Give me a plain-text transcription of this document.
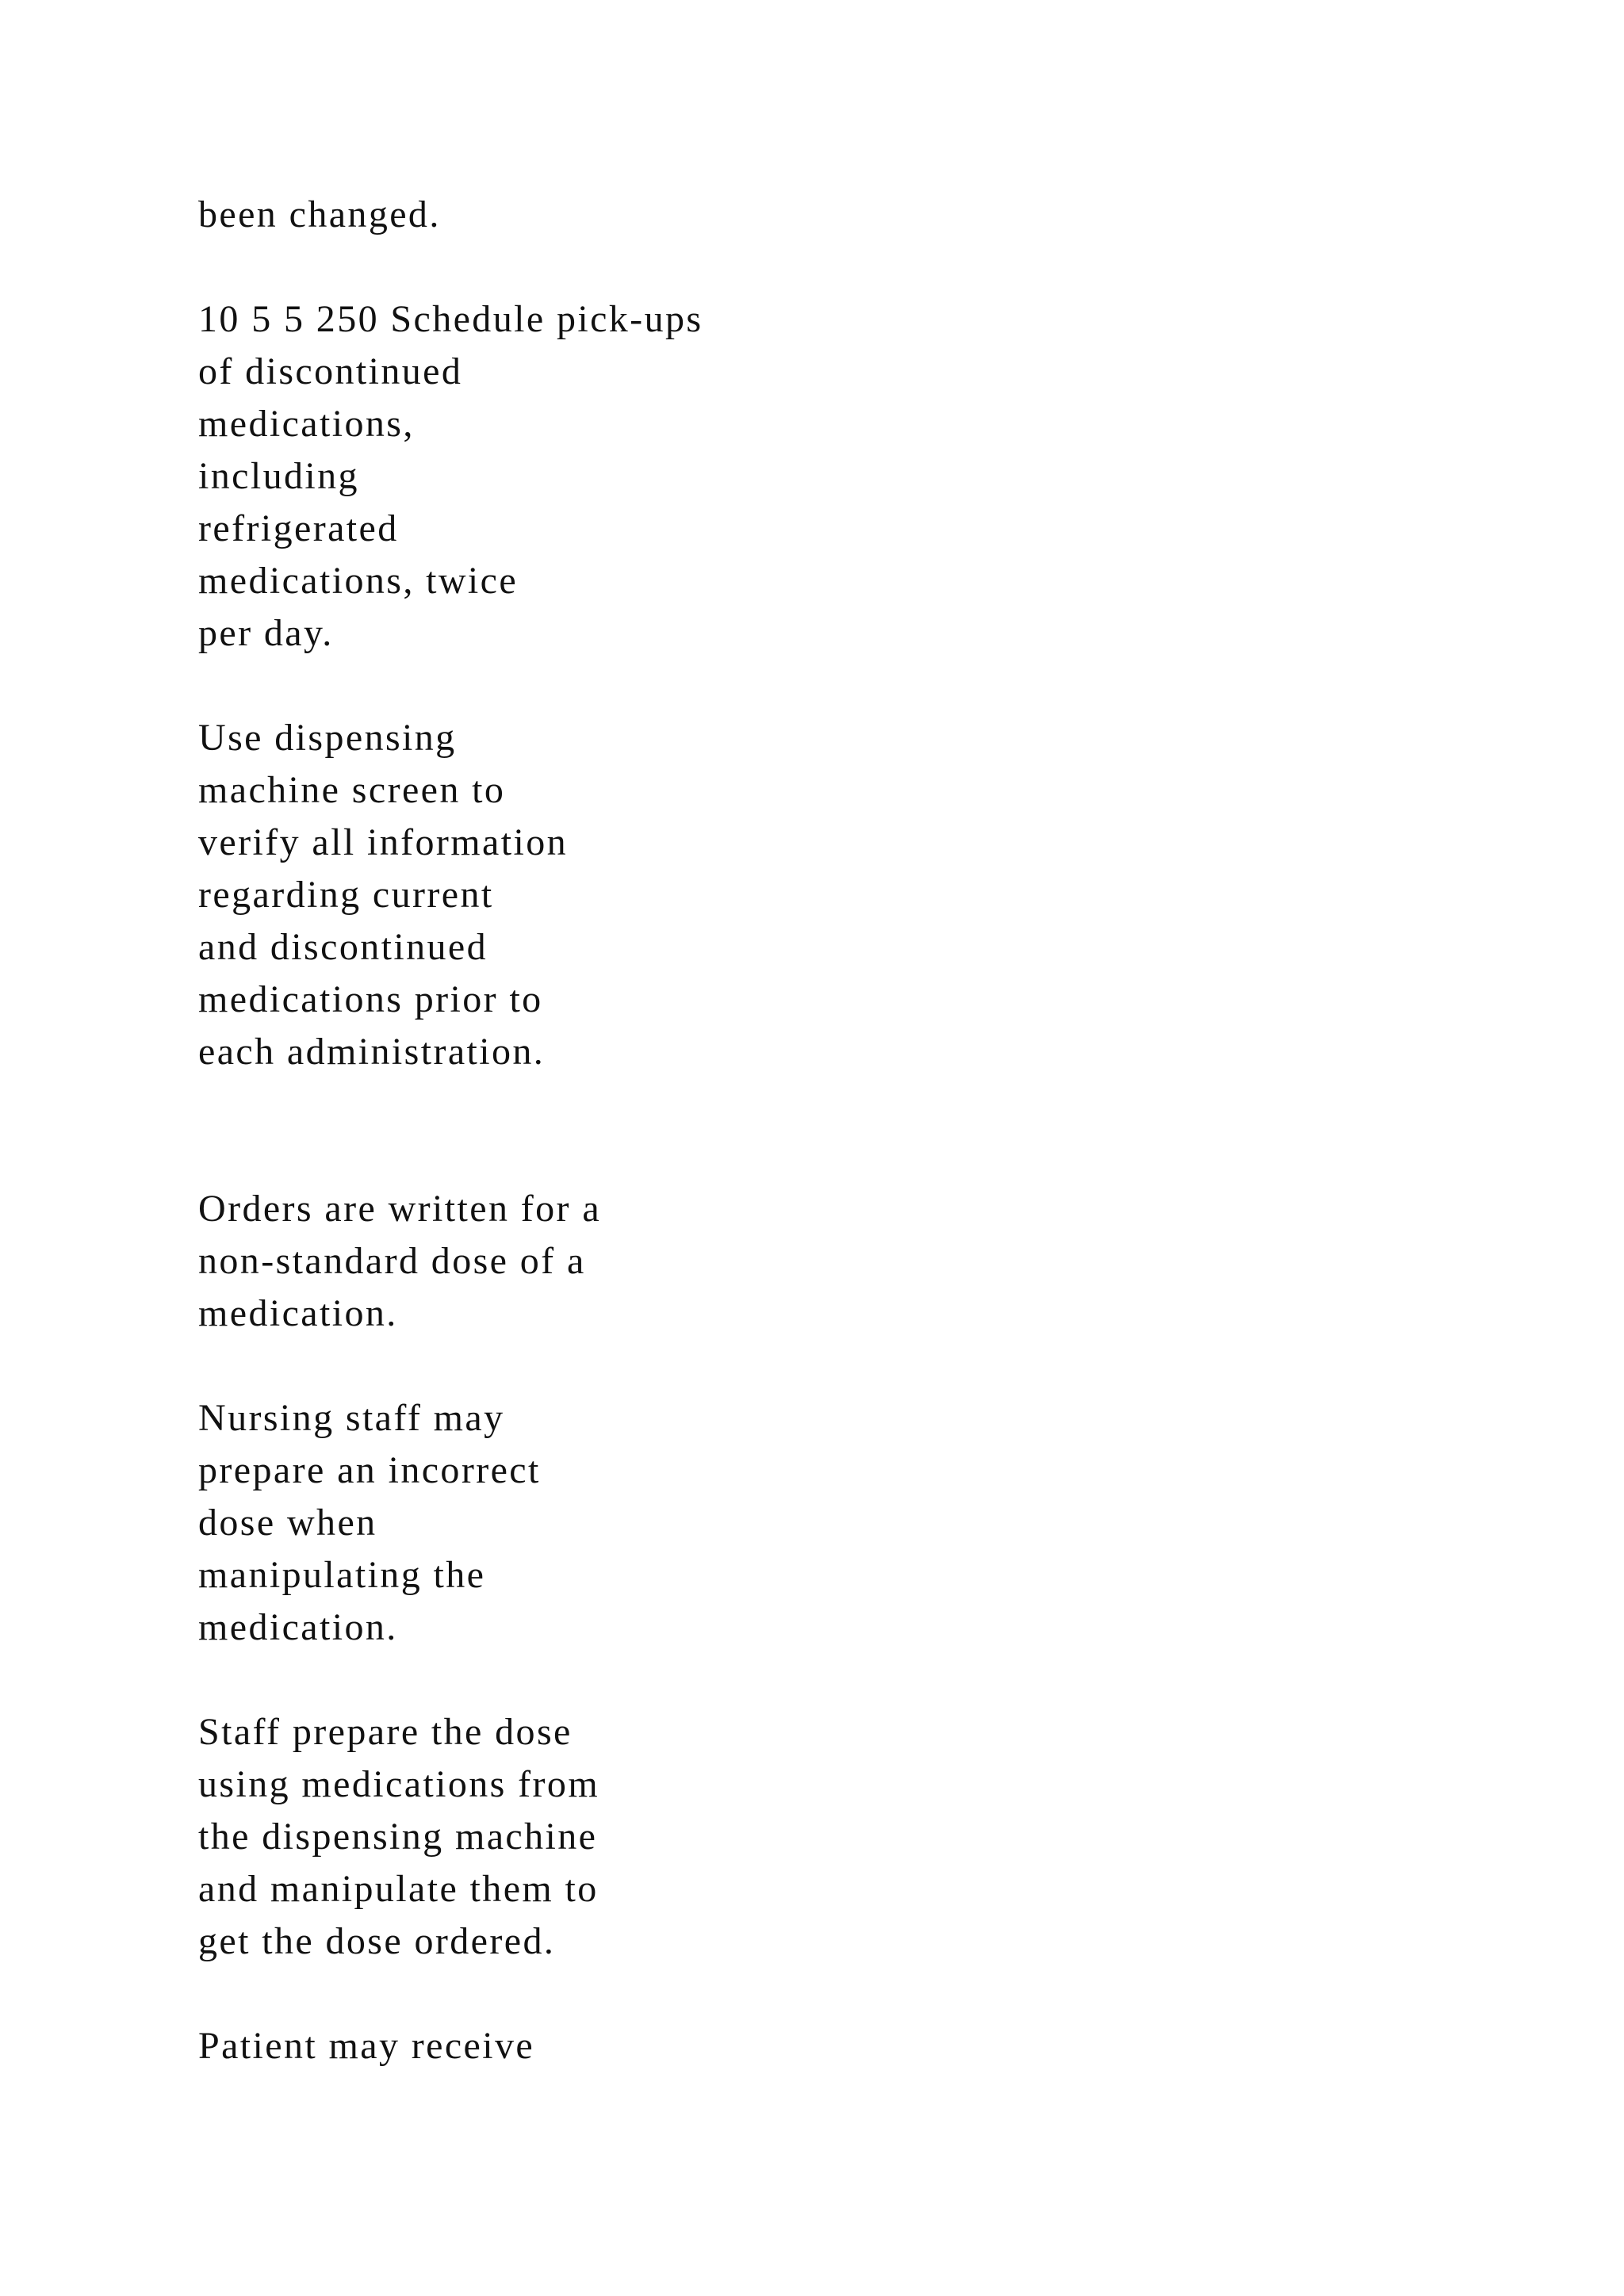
been changed.
10 5 5 250 Schedule pick-ups
of discontinued
medications,
including
refrigerated
medications, twice
per day.
Use dispensing
machine screen to
verify all information
regarding current
and discontinued
medications prior to
each administration.
Orders are written for a
non-standard dose of a
medication.
Nursing staff may
prepare an incorrect
dose when
manipulating the
medication.
Staff prepare the dose
using medications from
the dispensing machine
and manipulate them to
get the dose ordered.
Patient may receive
